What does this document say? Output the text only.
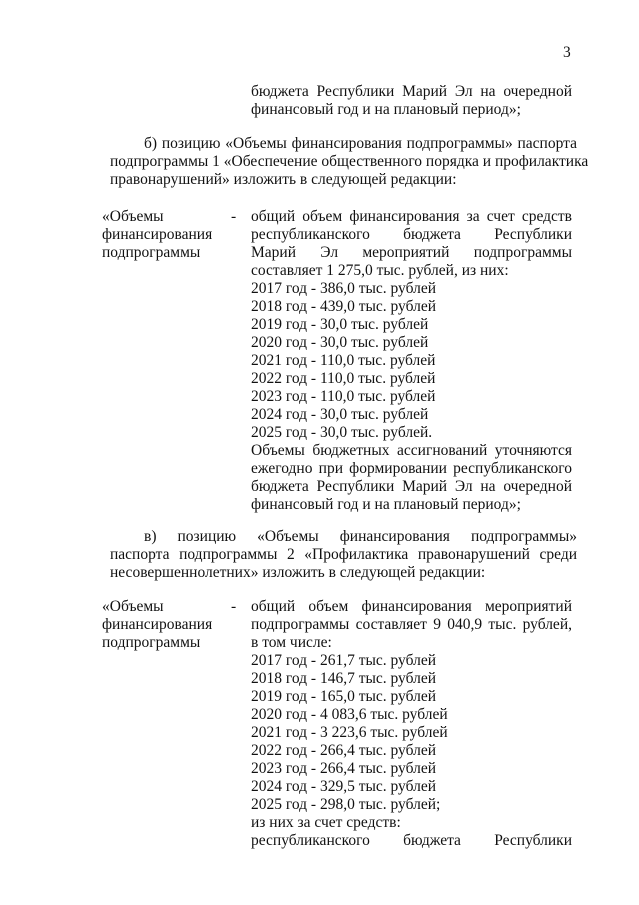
3
бюджета Республики Марий Эл на очередной
финансовый год и на плановый период»;
б) позицию «Объемы финансирования подпрограммы» паспорта
подпрограммы 1 «Обеспечение общественного порядка и профилактика
правонарушений» изложить в следующей редакции:
«Объемы
финансирования
подпрограммы
- общий объем финансирования за счет средств
республиканского бюджета Республики
Марий Эл мероприятий подпрограммы
составляет 1 275,0 тыс. рублей, из них:
2017 год - 386,0 тыс. рублей
2018 год - 439,0 тыс. рублей
2019 год - 30,0 тыс. рублей
2020 год - 30,0 тыс. рублей
2021 год - 110,0 тыс. рублей
2022 год - 110,0 тыс. рублей
2023 год - 110,0 тыс. рублей
2024 год - 30,0 тыс. рублей
2025 год - 30,0 тыс. рублей.
Объемы бюджетных ассигнований уточняются
ежегодно при формировании республиканского
бюджета Республики Марий Эл на очередной
финансовый год и на плановый период»;
в) позицию «Объемы финансирования подпрограммы»
паспорта подпрограммы 2 «Профилактика правонарушений среди
несовершеннолетних» изложить в следующей редакции:
«Объемы
финансирования
подпрограммы
- общий объем финансирования мероприятий
подпрограммы составляет 9 040,9 тыс. рублей,
в том числе:
2017 год - 261,7 тыс. рублей
2018 год - 146,7 тыс. рублей
2019 год - 165,0 тыс. рублей
2020 год - 4 083,6 тыс. рублей
2021 год - 3 223,6 тыс. рублей
2022 год - 266,4 тыс. рублей
2023 год - 266,4 тыс. рублей
2024 год - 329,5 тыс. рублей
2025 год - 298,0 тыс. рублей;
из них за счет средств:
республиканского бюджета Республики
